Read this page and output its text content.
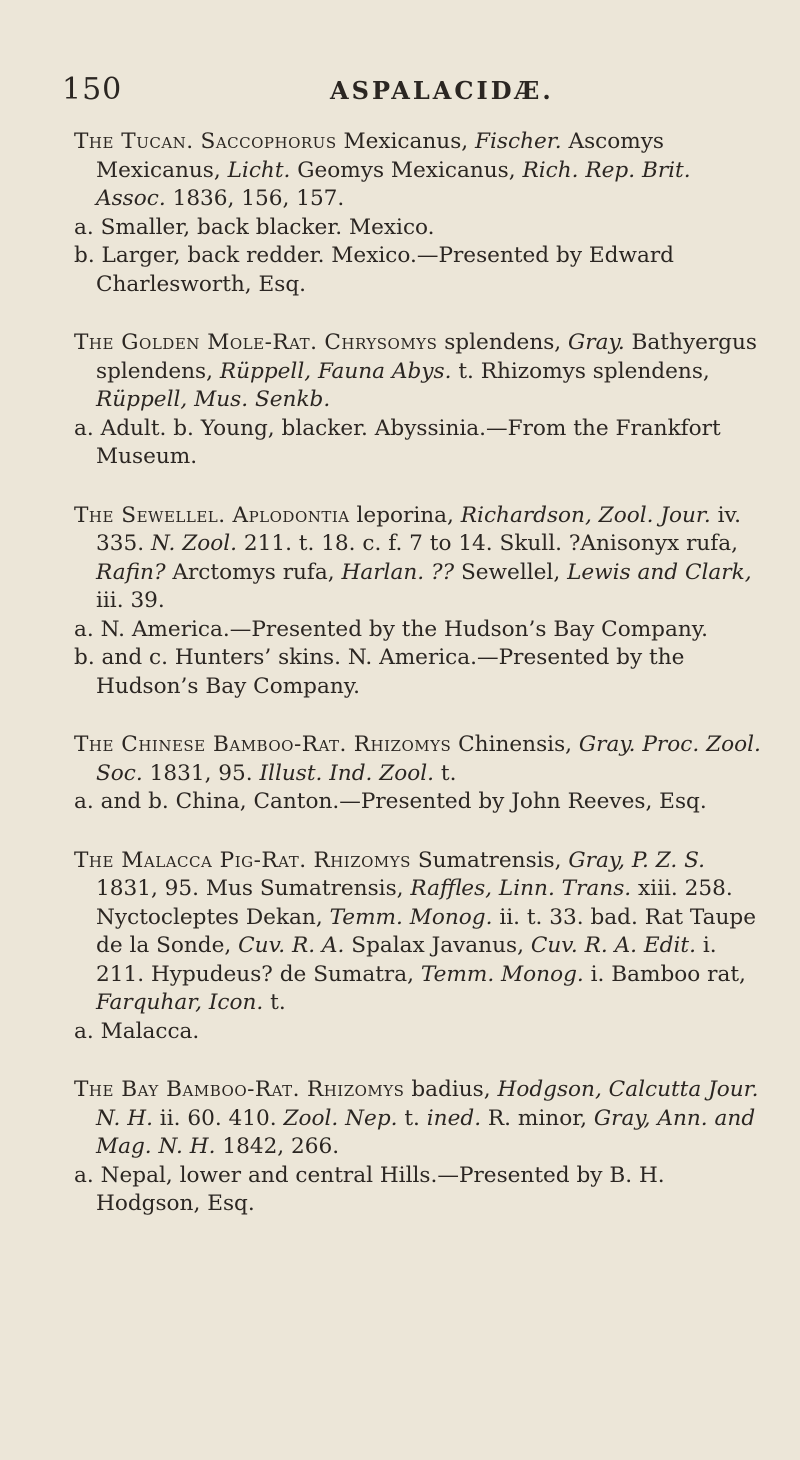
150	ASPALACIDÆ.

The Tucan. Saccophorus Mexicanus, Fischer. Ascomys Mexicanus, Licht. Geomys Mexicanus, Rich. Rep. Brit. Assoc. 1836, 156, 157.

a. Smaller, back blacker. Mexico.

b. Larger, back redder. Mexico.—Presented by Edward Charlesworth, Esq.

The Golden Mole-Rat. Chrysomys splendens, Gray. Bathyergus splendens, Rüppell, Fauna Abys. t. Rhizomys splendens, Rüppell, Mus. Senkb.

a. Adult. b. Young, blacker. Abyssinia.—From the Frankfort Museum.

The Sewellel. Aplodontia leporina, Richardson, Zool. Jour. iv. 335. N. Zool. 211. t. 18. c. f. 7 to 14. Skull. ?Anisonyx rufa, Rafin? Arctomys rufa, Harlan. ?? Sewellel, Lewis and Clark, iii. 39.

a. N. America.—Presented by the Hudson’s Bay Company.

b. and c. Hunters’ skins. N. America.—Presented by the Hudson’s Bay Company.

The Chinese Bamboo-Rat. Rhizomys Chinensis, Gray. Proc. Zool. Soc. 1831, 95. Illust. Ind. Zool. t.

a. and b. China, Canton.—Presented by John Reeves, Esq.

The Malacca Pig-Rat. Rhizomys Sumatrensis, Gray, P. Z. S. 1831, 95. Mus Sumatrensis, Raffles, Linn. Trans. xiii. 258. Nyctocleptes Dekan, Temm. Monog. ii. t. 33. bad. Rat Taupe de la Sonde, Cuv. R. A. Spalax Javanus, Cuv. R. A. Edit. i. 211. Hypudeus? de Sumatra, Temm. Monog. i. Bamboo rat, Farquhar, Icon. t.

a. Malacca.

The Bay Bamboo-Rat. Rhizomys badius, Hodgson, Calcutta Jour. N. H. ii. 60. 410. Zool. Nep. t. ined. R. minor, Gray, Ann. and Mag. N. H. 1842, 266.

a. Nepal, lower and central Hills.—Presented by B. H. Hodgson, Esq.
